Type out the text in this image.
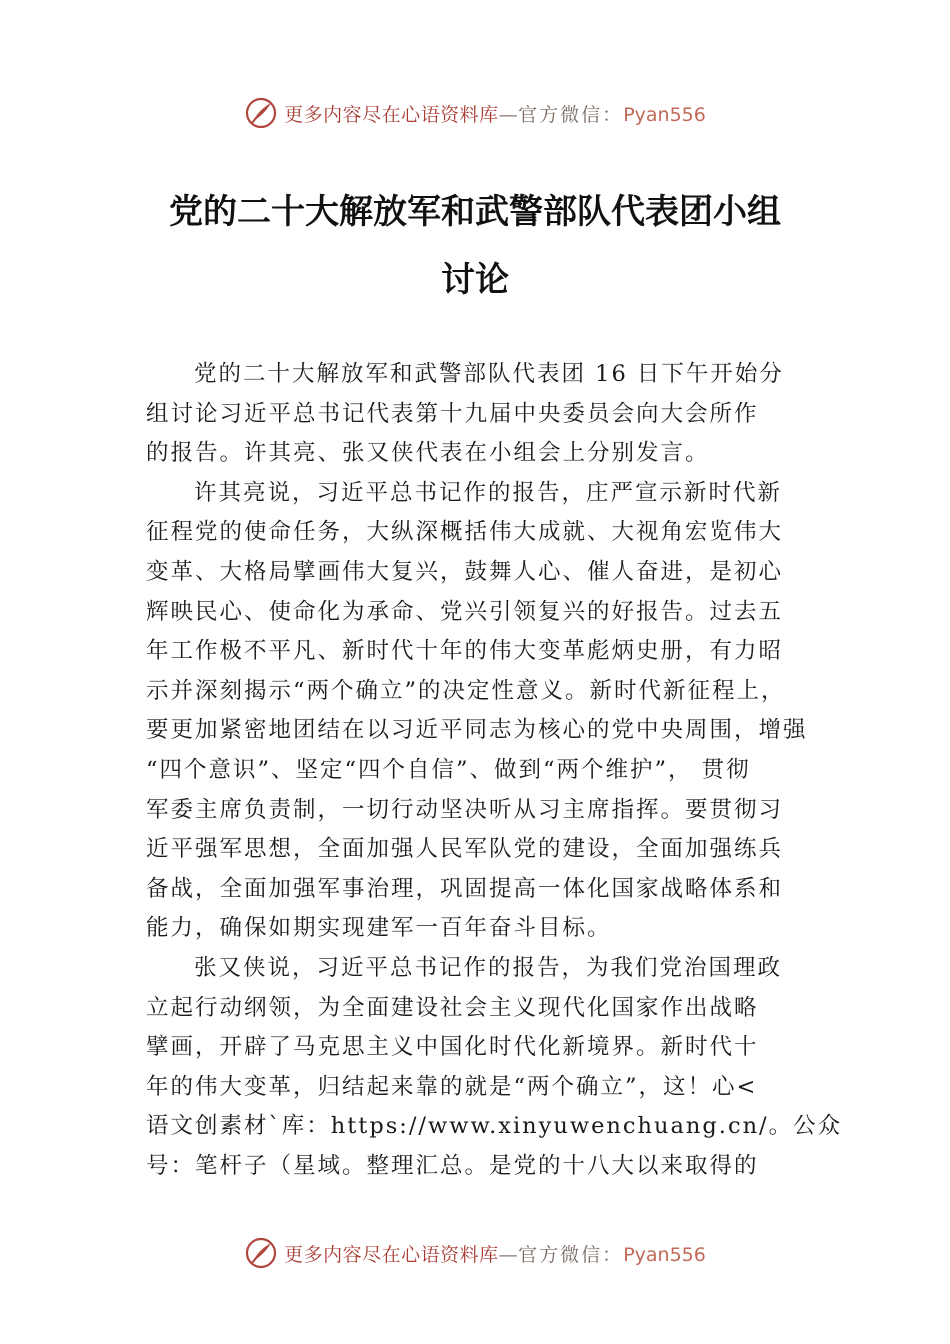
更多内容尽在心语资料库—官方微信：Pyan556
党的二十大解放军和武警部队代表团小组
讨论
党的二十大解放军和武警部队代表团 16 日下午开始分
组讨论习近平总书记代表第十九届中央委员会向大会所作
的报告。许其亮、张又侠代表在小组会上分别发言。
许其亮说，习近平总书记作的报告，庄严宣示新时代新
征程党的使命任务，大纵深概括伟大成就、大视角宏览伟大
变革、大格局擘画伟大复兴，鼓舞人心、催人奋进，是初心
辉映民心、使命化为承命、党兴引领复兴的好报告。过去五
年工作极不平凡、新时代十年的伟大变革彪炳史册，有力昭
示并深刻揭示“两个确立”的决定性意义。新时代新征程上，
要更加紧密地团结在以习近平同志为核心的党中央周围，增强
“四个意识”、坚定“四个自信”、做到“两个维护”， 贯彻
军委主席负责制，一切行动坚决听从习主席指挥。要贯彻习
近平强军思想，全面加强人民军队党的建设，全面加强练兵
备战，全面加强军事治理，巩固提高一体化国家战略体系和
能力，确保如期实现建军一百年奋斗目标。
张又侠说，习近平总书记作的报告，为我们党治国理政
立起行动纲领，为全面建设社会主义现代化国家作出战略
擘画，开辟了马克思主义中国化时代化新境界。新时代十
年的伟大变革，归结起来靠的就是“两个确立”，这！心<
语文创素材`库：https://www.xinyuwenchuang.cn/。公众
号：笔杆子（星域。整理汇总。是党的十八大以来取得的
更多内容尽在心语资料库—官方微信：Pyan556
